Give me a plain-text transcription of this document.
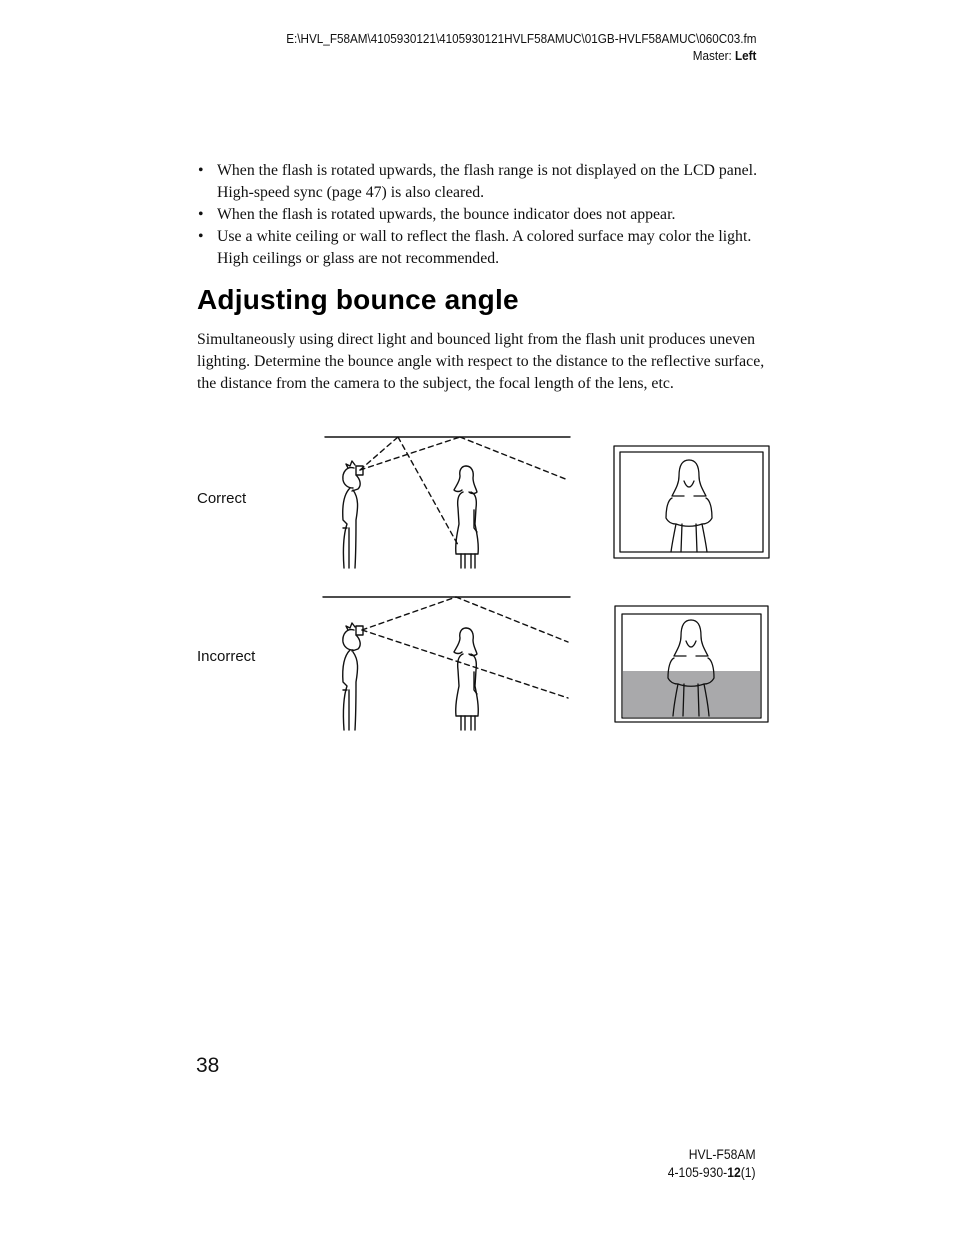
E:\HVL_F58AM\4105930121\4105930121HVLF58AMUC\01GB-HVLF58AMUC\060C03.fm
Master: Left
• When the flash is rotated upwards, the flash range is not displayed on the LCD panel. High-speed sync (page 47) is also cleared.
• When the flash is rotated upwards, the bounce indicator does not appear.
• Use a white ceiling or wall to reflect the flash. A colored surface may color the light. High ceilings or glass are not recommended.
Adjusting bounce angle

Simultaneously using direct light and bounced light from the flash unit produces uneven lighting. Determine the bounce angle with respect to the distance to the reflective surface, the distance from the camera to the subject, the focal length of the lens, etc.

Correct
Incorrect
38
HVL-F58AM
4-105-930-12(1)
